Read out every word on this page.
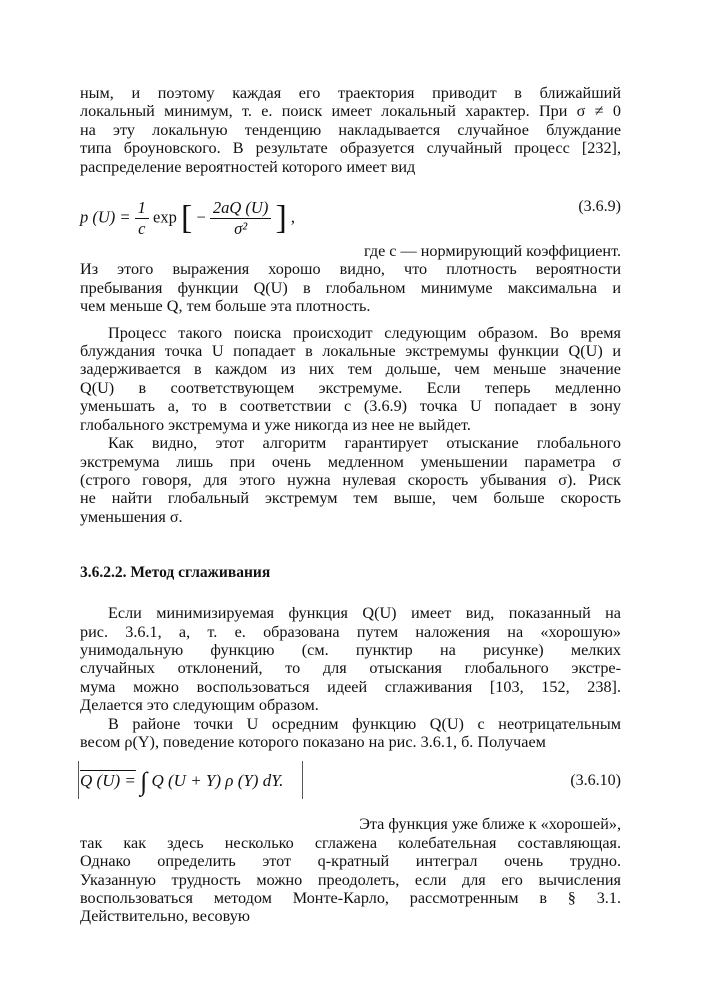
ным, и поэтому каждая его траектория приводит в ближайший

локальный минимум, т. е. поиск имеет локальный характер. При σ ≠ 0

на эту локальную тенденцию накладывается случайное блуждание

типа броуновского. В результате образуется случайный процесс [232],

распределение вероятностей которого имеет вид

p $(U) = \frac{1}{c}$ exp [ − $\frac{2aQ (U)}{\text{σ²}}$ ] ,
(3.6.9)

где c — нормирующий коэффициент.

Из этого выражения хорошо видно, что плотность вероятности

пребывания функции Q(U) в глобальном минимуме максимальна и

чем меньше Q, тем больше эта плотность.

Процесс такого поиска происходит следующим образом. Во время

блуждания точка U попадает в локальные экстремумы функции Q(U) и

задерживается в каждом из них тем дольше, чем меньше значение

Q(U) в соответствующем экстремуме. Если теперь медленно

уменьшать a, то в соответствии с (3.6.9) точка U попадает в зону

глобального экстремума и уже никогда из нее не выйдет.

Как видно, этот алгоритм гарантирует отыскание глобального

экстремума лишь при очень медленном уменьшении параметра σ

(строго говоря, для этого нужна нулевая скорость убывания σ). Риск

не найти глобальный экстремум тем выше, чем больше скорость

уменьшения σ.

3.6.2.2. Метод сглаживания

Если минимизируемая функция Q(U) имеет вид, показанный на

рис. 3.6.1, a, т. е. образована путем наложения на «хорошую»

унимодальную функцию (см. пунктир на рисунке) мелких

случайных отклонений, то для отыскания глобального экстре-

мума можно воспользоваться идеей сглаживания [103, 152, 238].

Делается это следующим образом.

В районе точки U осредним функцию Q(U) с неотрицательным

весом ρ(Y), поведение которого показано на рис. 3.6.1, б. Получаем

Q (U) = ∫ Q (U + Y) ρ (Y) dY.	(3.6.10)

Эта функция уже ближе к «хорошей»,

так как здесь несколько сглажена колебательная составляющая.

Однако определить этот q-кратный интеграл очень трудно.

Указанную трудность можно преодолеть, если для его вычисления

воспользоваться методом Монте-Карло, рассмотренным в § 3.1.

Действительно, весовую
